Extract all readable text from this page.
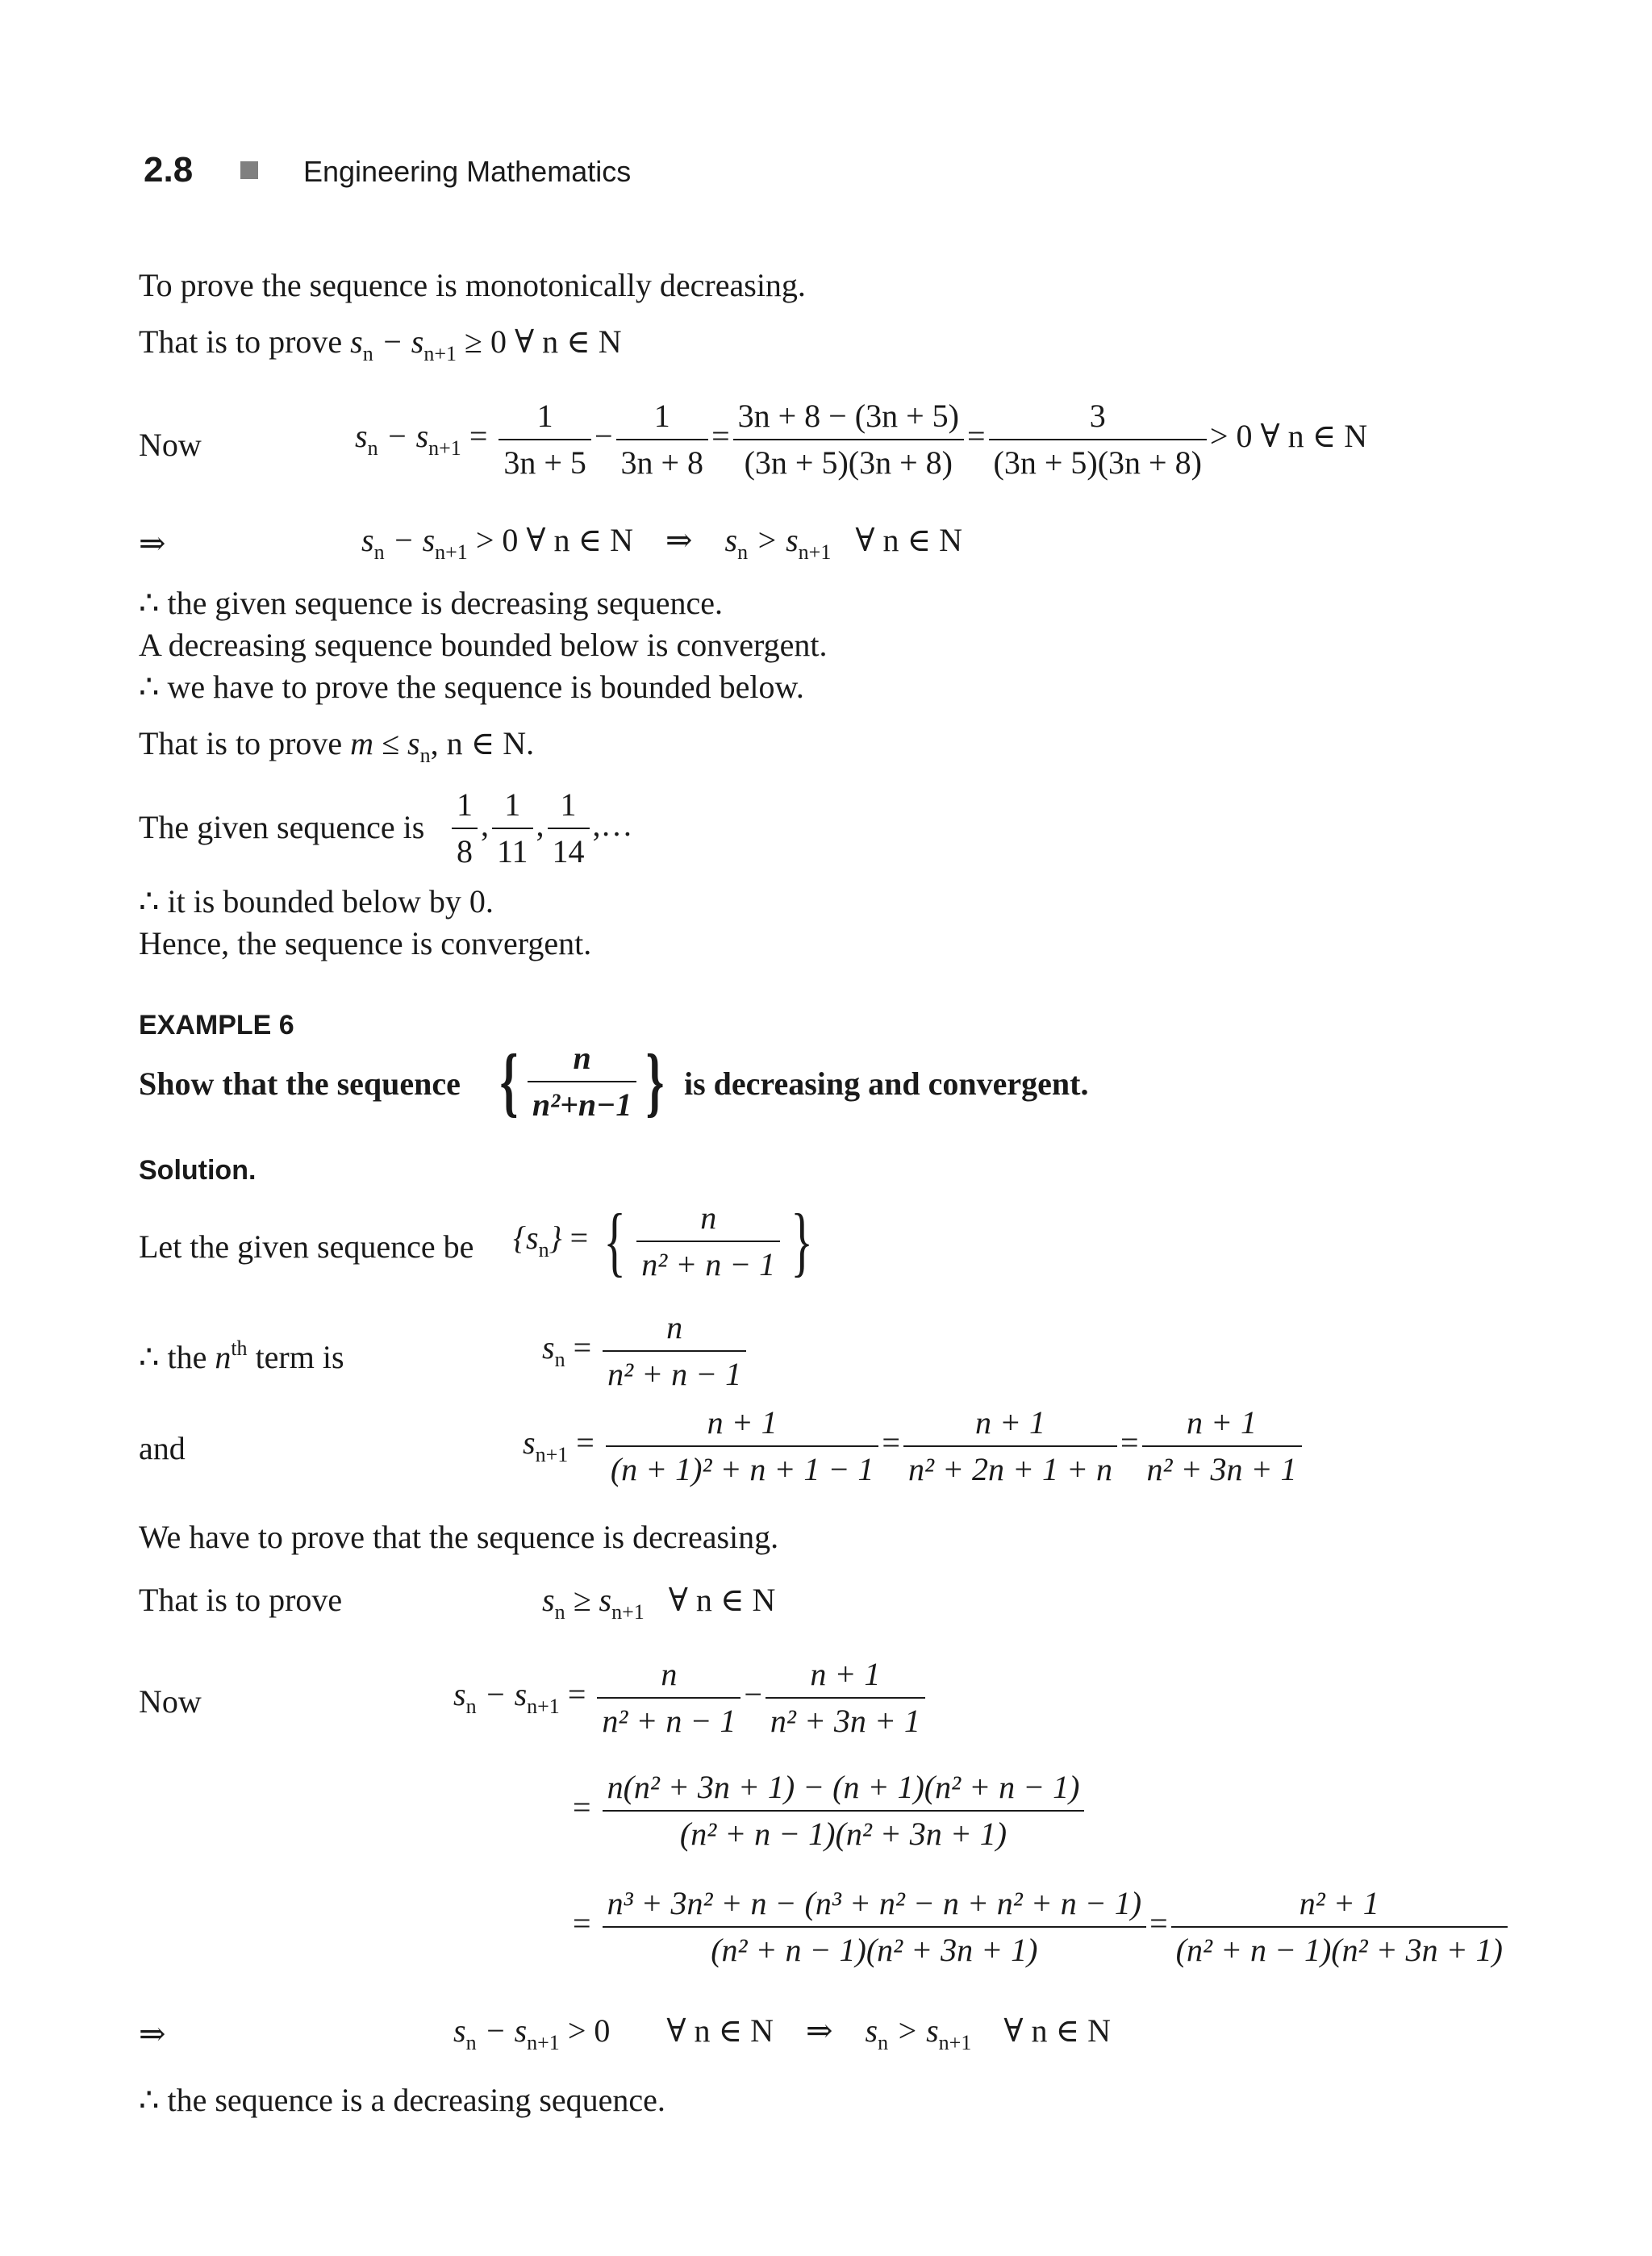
2.8	Engineering Mathematics
To prove the sequence is monotonically decreasing.
That is to prove $s_n - s_{n+1} \ge 0$ ∀ n ∈ N
Now	$s_n - s_{n+1} = \frac{1}{3n + 5} - \frac{1}{3n + 8} = \frac{3n + 8 - (3n + 5)}{(3n + 5)(3n + 8)} = \frac{3}{(3n + 5)(3n + 8)} > 0$ ∀ n ∈ N
⇒	$s_n - s_{n+1} > 0$ ∀ n ∈ N ⇒ $s_n > s_{n+1}$ ∀ n ∈ N
∴ the given sequence is decreasing sequence.
A decreasing sequence bounded below is convergent.
∴ we have to prove the sequence is bounded below.
That is to prove $m \le s_n$, n ∈ N.
The given sequence is $\frac{1}{8}$ , $\frac{1}{11}$ , $\frac{1}{14}$ ,…
∴ it is bounded below by 0.
Hence, the sequence is convergent.
EXAMPLE 6
Show that the sequence { $\frac{n}{\text{n²+n−1}}$ } is decreasing and convergent.
Solution.
Let the given sequence be $\{s_n\}$ = { $\frac{n}{\text{n² + n − 1}}$ }
∴ the $n^{th}$ term is	$s_n = \frac{n}{\text{n² + n − 1}}$
and	$s_{n+1} = \frac{n + 1}{\text{(n + 1)² + n + 1 − 1}} = \frac{n + 1}{\text{n² + 2n + 1 + n}} = \frac{n + 1}{\text{n² + 3n + 1}}$
We have to prove that the sequence is decreasing.
That is to prove	$s_n \ge s_{n+1}$ ∀ n ∈ N
Now	$s_n - s_{n+1} = \frac{n}{\text{n² + n − 1}} - \frac{n + 1}{\text{n² + 3n + 1}}$
= $\frac{\text{n(n² + 3n + 1) − (n + 1)(n² + n − 1)}}{\text{(n² + n − 1)(n² + 3n + 1)}}$
= $\frac{\text{n³ + 3n² + n − (n³ + n² − n + n² + n − 1)}}{\text{(n² + n − 1)(n² + 3n + 1)}} = \frac{\text{n² + 1}}{\text{(n² + n − 1)(n² + 3n + 1)}}$
⇒	$s_n - s_{n+1} > 0$ ∀ n ∈ N ⇒ $s_n > s_{n+1}$ ∀ n ∈ N
∴ the sequence is a decreasing sequence.
